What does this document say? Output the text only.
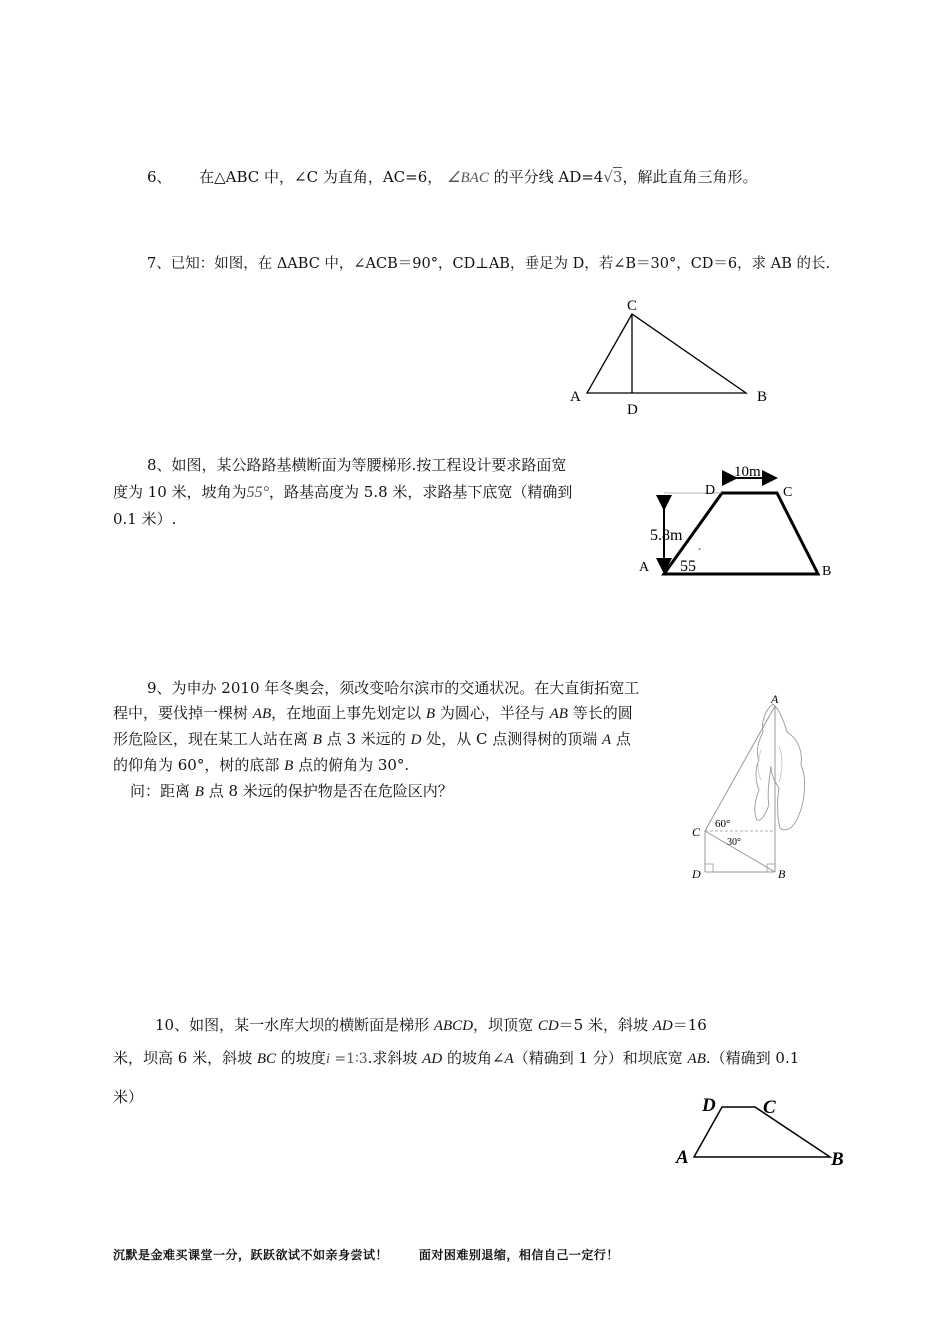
6、 在△ABC 中，∠C 为直角，AC=6， ∠BAC 的平分线 AD=4√3，解此直角三角形。
7、已知：如图，在 ΔABC 中，∠ACB＝90°，CD⊥AB，垂足为 D，若∠B＝30°，CD＝6，求 AB 的长.
C
A	B
D
8、如图，某公路路基横断面为等腰梯形.按工程设计要求路面宽
度为 10 米，坡角为55°，路基高度为 5.8 米，求路基下底宽（精确到
0.1 米）.
10m
D	C
5.8m
A 55
˚
B
9、为申办 2010 年冬奥会，须改变哈尔滨市的交通状况。在大直街拓宽工
程中，要伐掉一棵树 AB，在地面上事先划定以 B 为圆心，半径与 AB 等长的圆
形危险区，现在某工人站在离 B 点 3 米远的 D 处，从 C 点测得树的顶端 A 点
的仰角为 60°，树的底部 B 点的俯角为 30°.
问：距离 B 点 8 米远的保护物是否在危险区内？
A
C
60°
30°
D	B
10、如图，某一水库大坝的横断面是梯形 ABCD，坝顶宽 CD＝5 米，斜坡 AD＝16
米，坝高 6 米，斜坡 BC 的坡度i =1∶3.求斜坡 AD 的坡角∠A（精确到 1 分）和坝底宽 AB.（精确到 0.1
米）	D C
A	B
沉默是金难买课堂一分，跃跃欲试不如亲身尝试！    面对困难别退缩，相信自己一定行！
